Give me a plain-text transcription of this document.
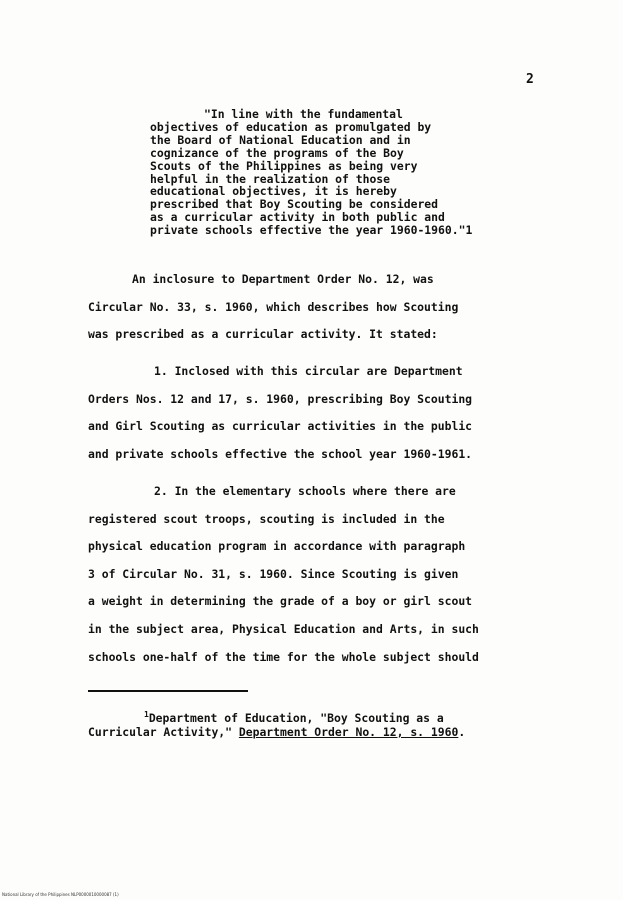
2
"In line with the fundamental
objectives of education as promulgated by
the Board of National Education and in
cognizance of the programs of the Boy
Scouts of the Philippines as being very
helpful in the realization of those
educational objectives, it is hereby
prescribed that Boy Scouting be considered
as a curricular activity in both public and
private schools effective the year 1960-1960."1
An inclosure to Department Order No. 12, was
Circular No. 33, s. 1960, which describes how Scouting
was prescribed as a curricular activity. It stated:
1. Inclosed with this circular are Department
Orders Nos. 12 and 17, s. 1960, prescribing Boy Scouting
and Girl Scouting as curricular activities in the public
and private schools effective the school year 1960-1961.
2. In the elementary schools where there are
registered scout troops, scouting is included in the
physical education program in accordance with paragraph
3 of Circular No. 31, s. 1960. Since Scouting is given
a weight in determining the grade of a boy or girl scout
in the subject area, Physical Education and Arts, in such
schools one-half of the time for the whole subject should
$^1$Department of Education, "Boy Scouting as a
Curricular Activity," Department Order No. 12, s. 1960.
National Library of the Philippines NLP0000010000087 (1)
